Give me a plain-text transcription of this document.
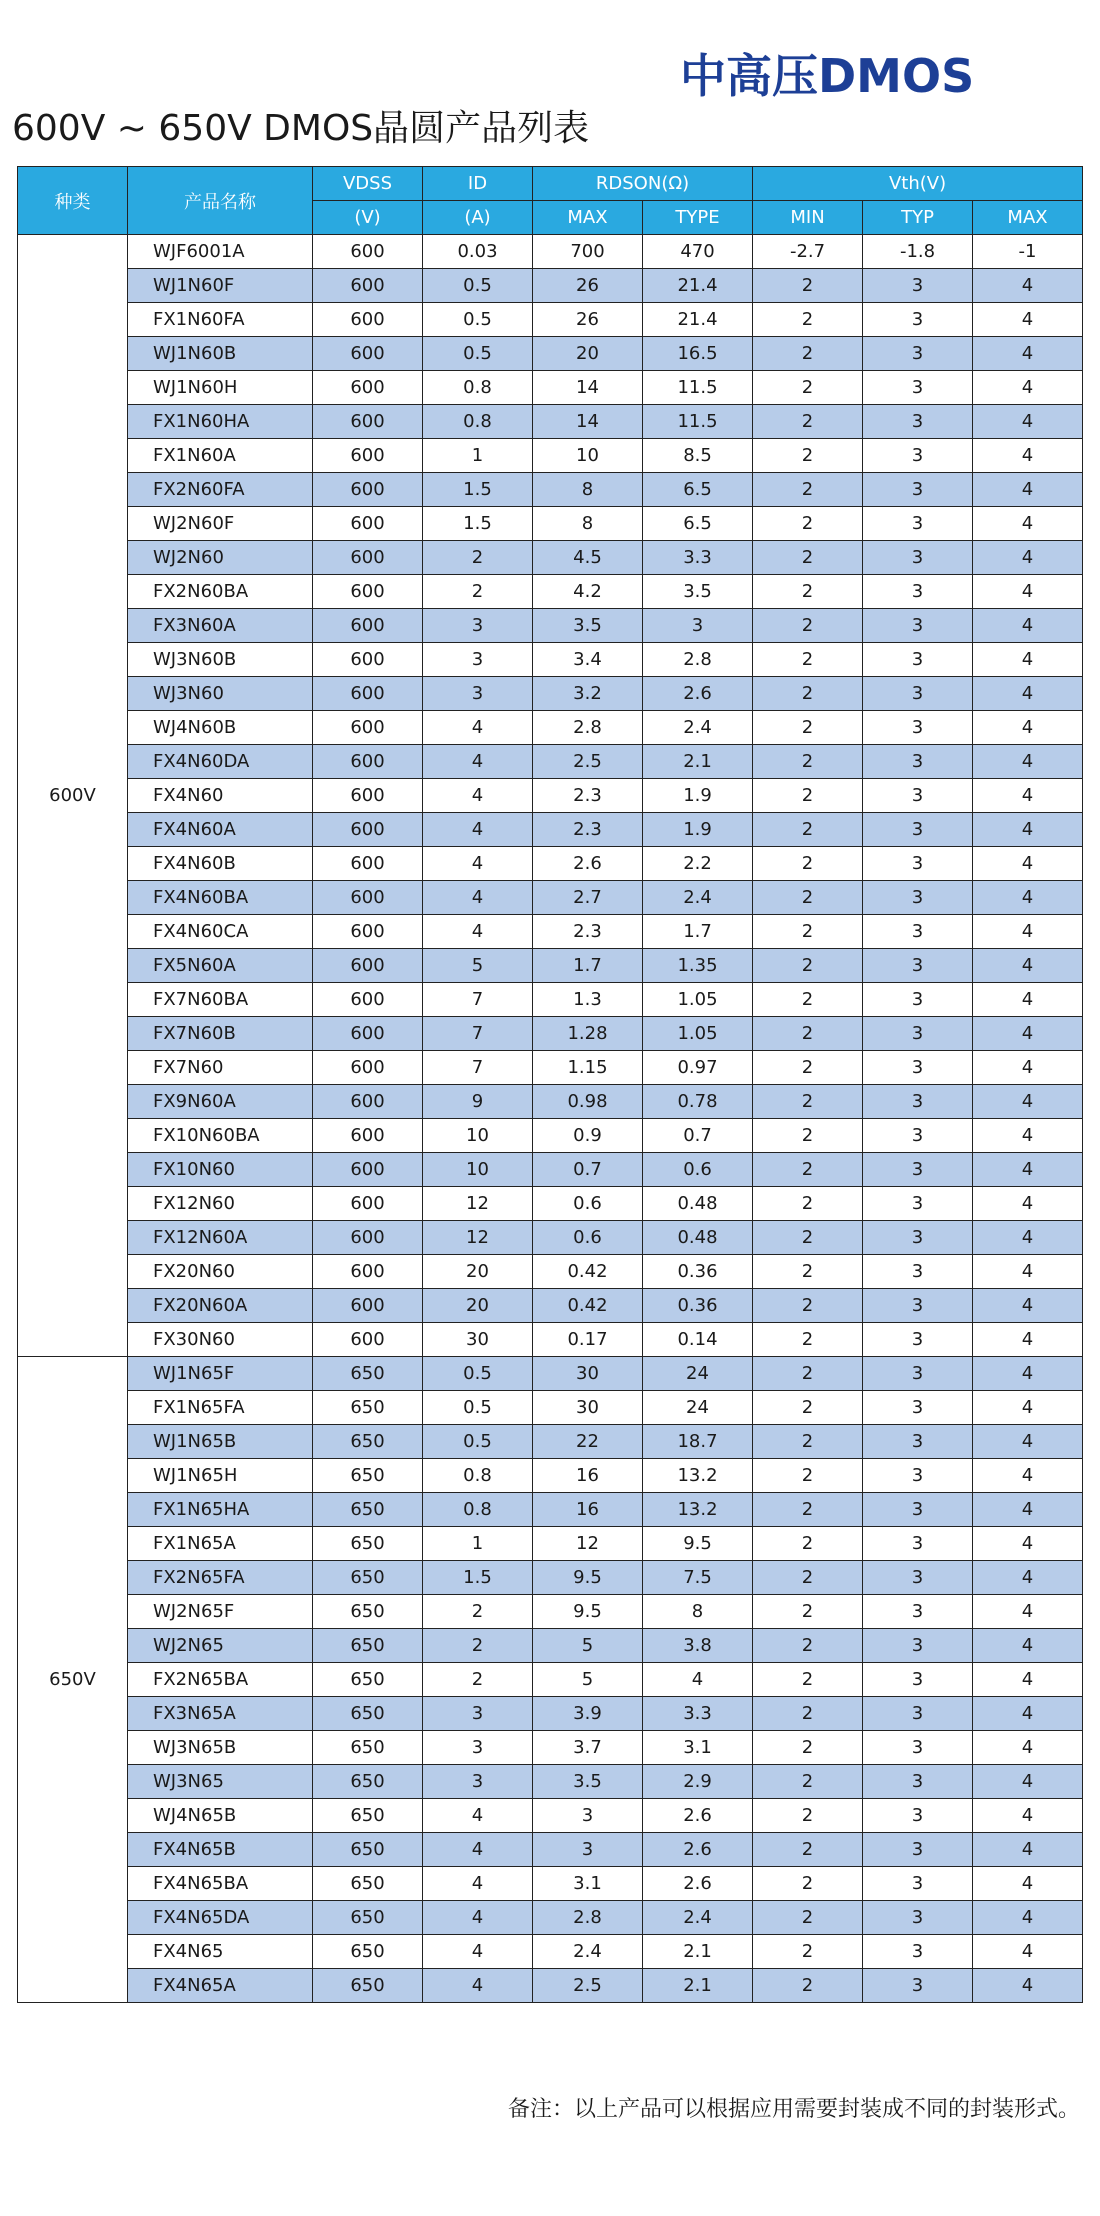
中高压DMOS
600V ~ 650V DMOS晶圆产品列表
种类	产品名称	VDSS	ID	RDSON(Ω)		Vth(V)		
		(V)	(A)	MAX	TYPE	MIN	TYP	MAX
600V	WJF6001A	600	0.03	700	470	-2.7	-1.8	-1
	WJ1N60F	600	0.5	26	21.4	2	3	4
	FX1N60FA	600	0.5	26	21.4	2	3	4
	WJ1N60B	600	0.5	20	16.5	2	3	4
	WJ1N60H	600	0.8	14	11.5	2	3	4
	FX1N60HA	600	0.8	14	11.5	2	3	4
	FX1N60A	600	1	10	8.5	2	3	4
	FX2N60FA	600	1.5	8	6.5	2	3	4
	WJ2N60F	600	1.5	8	6.5	2	3	4
	WJ2N60	600	2	4.5	3.3	2	3	4
	FX2N60BA	600	2	4.2	3.5	2	3	4
	FX3N60A	600	3	3.5	3	2	3	4
	WJ3N60B	600	3	3.4	2.8	2	3	4
	WJ3N60	600	3	3.2	2.6	2	3	4
	WJ4N60B	600	4	2.8	2.4	2	3	4
	FX4N60DA	600	4	2.5	2.1	2	3	4
	FX4N60	600	4	2.3	1.9	2	3	4
	FX4N60A	600	4	2.3	1.9	2	3	4
	FX4N60B	600	4	2.6	2.2	2	3	4
	FX4N60BA	600	4	2.7	2.4	2	3	4
	FX4N60CA	600	4	2.3	1.7	2	3	4
	FX5N60A	600	5	1.7	1.35	2	3	4
	FX7N60BA	600	7	1.3	1.05	2	3	4
	FX7N60B	600	7	1.28	1.05	2	3	4
	FX7N60	600	7	1.15	0.97	2	3	4
	FX9N60A	600	9	0.98	0.78	2	3	4
	FX10N60BA	600	10	0.9	0.7	2	3	4
	FX10N60	600	10	0.7	0.6	2	3	4
	FX12N60	600	12	0.6	0.48	2	3	4
	FX12N60A	600	12	0.6	0.48	2	3	4
	FX20N60	600	20	0.42	0.36	2	3	4
	FX20N60A	600	20	0.42	0.36	2	3	4
	FX30N60	600	30	0.17	0.14	2	3	4
650V	WJ1N65F	650	0.5	30	24	2	3	4
	FX1N65FA	650	0.5	30	24	2	3	4
	WJ1N65B	650	0.5	22	18.7	2	3	4
	WJ1N65H	650	0.8	16	13.2	2	3	4
	FX1N65HA	650	0.8	16	13.2	2	3	4
	FX1N65A	650	1	12	9.5	2	3	4
	FX2N65FA	650	1.5	9.5	7.5	2	3	4
	WJ2N65F	650	2	9.5	8	2	3	4
	WJ2N65	650	2	5	3.8	2	3	4
	FX2N65BA	650	2	5	4	2	3	4
	FX3N65A	650	3	3.9	3.3	2	3	4
	WJ3N65B	650	3	3.7	3.1	2	3	4
	WJ3N65	650	3	3.5	2.9	2	3	4
	WJ4N65B	650	4	3	2.6	2	3	4
	FX4N65B	650	4	3	2.6	2	3	4
	FX4N65BA	650	4	3.1	2.6	2	3	4
	FX4N65DA	650	4	2.8	2.4	2	3	4
	FX4N65	650	4	2.4	2.1	2	3	4
	FX4N65A	650	4	2.5	2.1	2	3	4
备注：以上产品可以根据应用需要封装成不同的封装形式。
